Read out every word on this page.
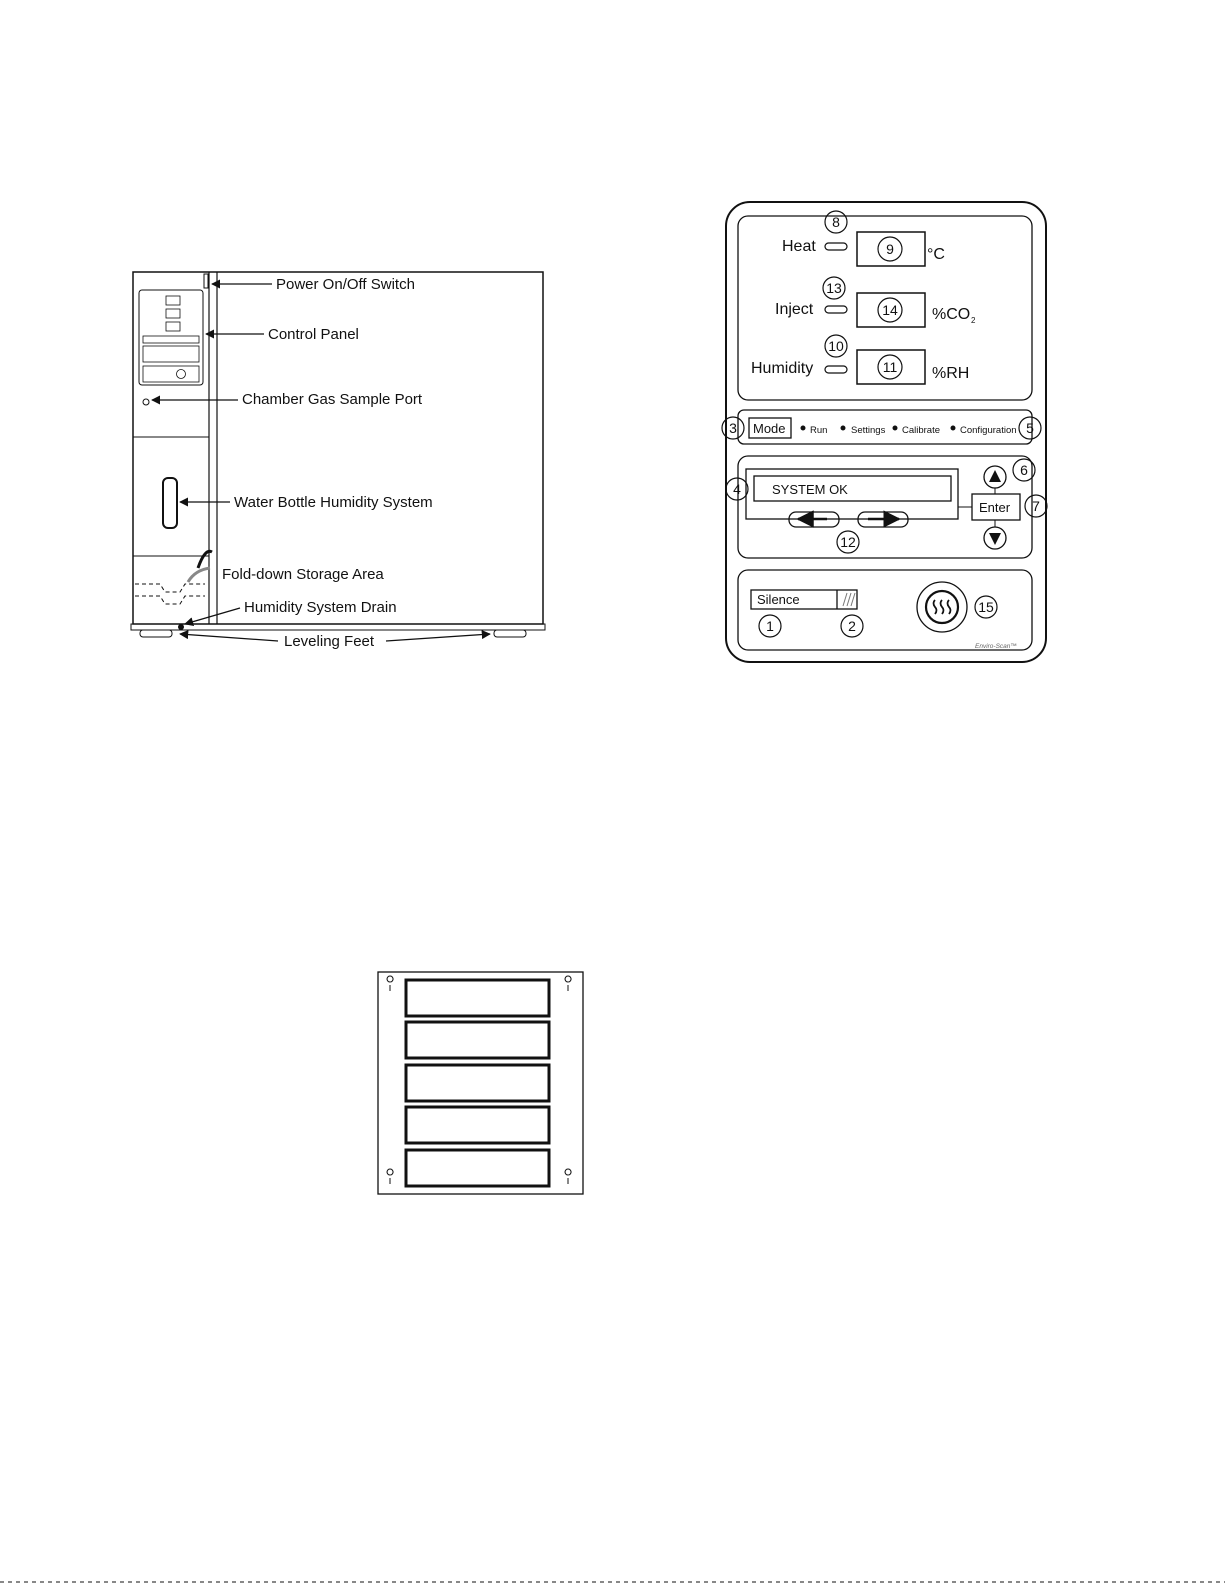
Power On/Off Switch
Control Panel
Chamber Gas Sample Port
Water Bottle Humidity System
Fold-down Storage Area
Humidity System Drain
Leveling Feet
Heat	°C
Inject	%CO 2
Humidity	%RH
Mode	Run Settings Calibrate Configuration
SYSTEM OK
Enter
Silence
Enviro-Scan™
8
9
13
14
10
11
3	5
4
12
6
7
1	2
15
